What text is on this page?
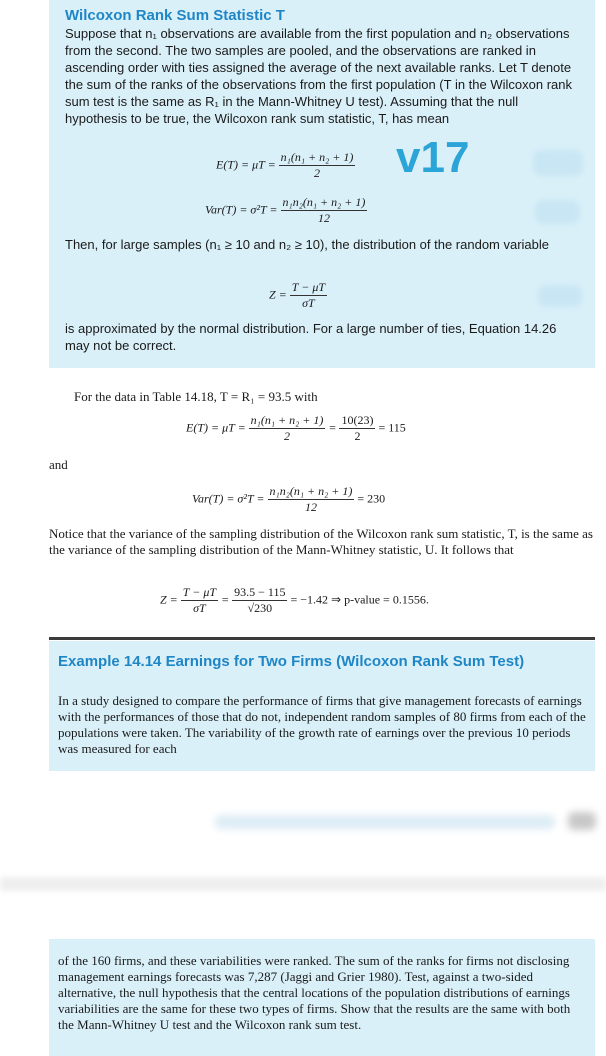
Wilcoxon Rank Sum Statistic T
Suppose that n₁ observations are available from the first population and n₂ observations from the second. The two samples are pooled, and the observations are ranked in ascending order with ties assigned the average of the next available ranks. Let T denote the sum of the ranks of the observations from the first population (T in the Wilcoxon rank sum test is the same as R₁ in the Mann-Whitney U test). Assuming that the null hypothesis to be true, the Wilcoxon rank sum statistic, T, has mean
$E(T) = \mu T = \frac{\text{n₁(n₁ + n₂ + 1)}}{2}$
$Var(T) = \sigma^2T = \frac{\text{n₁n₂(n₁ + n₂ + 1)}}{12}$
Then, for large samples (n₁ ≥ 10 and n₂ ≥ 10), the distribution of the random variable
$Z = \frac{T - \mu T}{\sigma T}$
is approximated by the normal distribution. For a large number of ties, Equation 14.26 may not be correct.
v17
For the data in Table 14.18, T = R₁ = 93.5 with
$E(T) = \mu T = \frac{\text{n₁(n₁ + n₂ + 1)}}{2} = \frac{10(23)}{2} = 115$
and
$Var(T) = \sigma^2T = \frac{\text{n₁n₂(n₁ + n₂ + 1)}}{12} = 230$
Notice that the variance of the sampling distribution of the Wilcoxon rank sum statistic, T, is the same as the variance of the sampling distribution of the Mann-Whitney statistic, U. It follows that
$Z = \frac{T - \mu T}{\sigma T} = \frac{93.5 - 115}{√230} = -1.42$ ⇒ p-value = 0.1556.
Example 14.14 Earnings for Two Firms (Wilcoxon Rank Sum Test)
In a study designed to compare the performance of firms that give management forecasts of earnings with the performances of those that do not, independent random samples of 80 firms from each of the populations were taken. The variability of the growth rate of earnings over the previous 10 periods was measured for each
of the 160 firms, and these variabilities were ranked. The sum of the ranks for firms not disclosing management earnings forecasts was 7,287 (Jaggi and Grier 1980). Test, against a two-sided alternative, the null hypothesis that the central locations of the population distributions of earnings variabilities are the same for these two types of firms. Show that the results are the same with both the Mann-Whitney U test and the Wilcoxon rank sum test.
